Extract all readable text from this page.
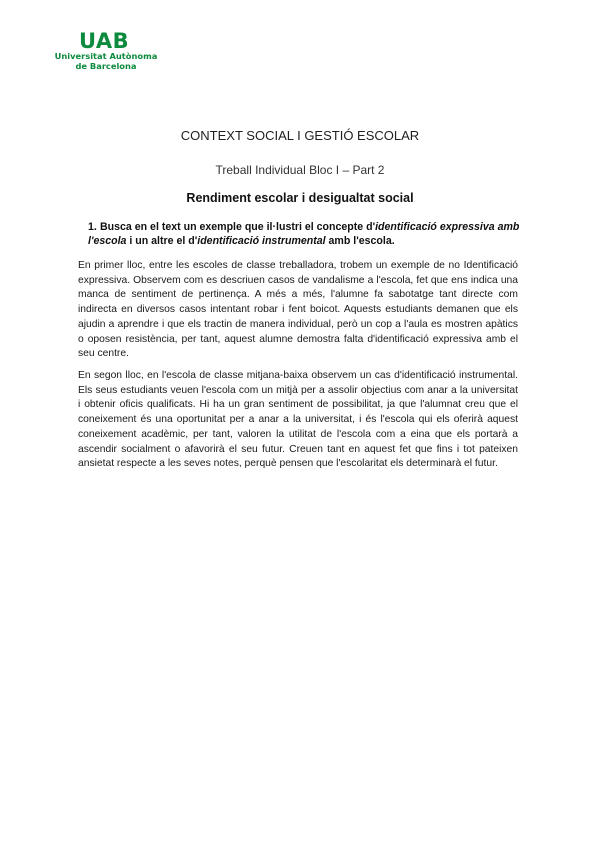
UAB
Universitat Autònoma
de Barcelona
CONTEXT SOCIAL I GESTIÓ ESCOLAR
Treball Individual Bloc I – Part 2
Rendiment escolar i desigualtat social
1. Busca en el text un exemple que il·lustri el concepte d'identificació expressiva amb l'escola i un altre el d'identificació instrumental amb l'escola.

En primer lloc, entre les escoles de classe treballadora, trobem un exemple de no Identificació expressiva. Observem com es descriuen casos de vandalisme a l'escola, fet que ens indica una manca de sentiment de pertinença. A més a més, l'alumne fa sabotatge tant directe com indirecta en diversos casos intentant robar i fent boicot. Aquests estudiants demanen que els ajudin a aprendre i que els tractin de manera individual, però un cop a l'aula es mostren apàtics o oposen resistència, per tant, aquest alumne demostra falta d'identificació expressiva amb el seu centre.

En segon lloc, en l'escola de classe mitjana-baixa observem un cas d'identificació instrumental. Els seus estudiants veuen l'escola com un mitjà per a assolir objectius com anar a la universitat i obtenir oficis qualificats. Hi ha un gran sentiment de possibilitat, ja que l'alumnat creu que el coneixement és una oportunitat per a anar a la universitat, i és l'escola qui els oferirà aquest coneixement acadèmic, per tant, valoren la utilitat de l'escola com a eina que els portarà a ascendir socialment o afavorirà el seu futur. Creuen tant en aquest fet que fins i tot pateixen ansietat respecte a les seves notes, perquè pensen que l'escolaritat els determinarà el futur.
